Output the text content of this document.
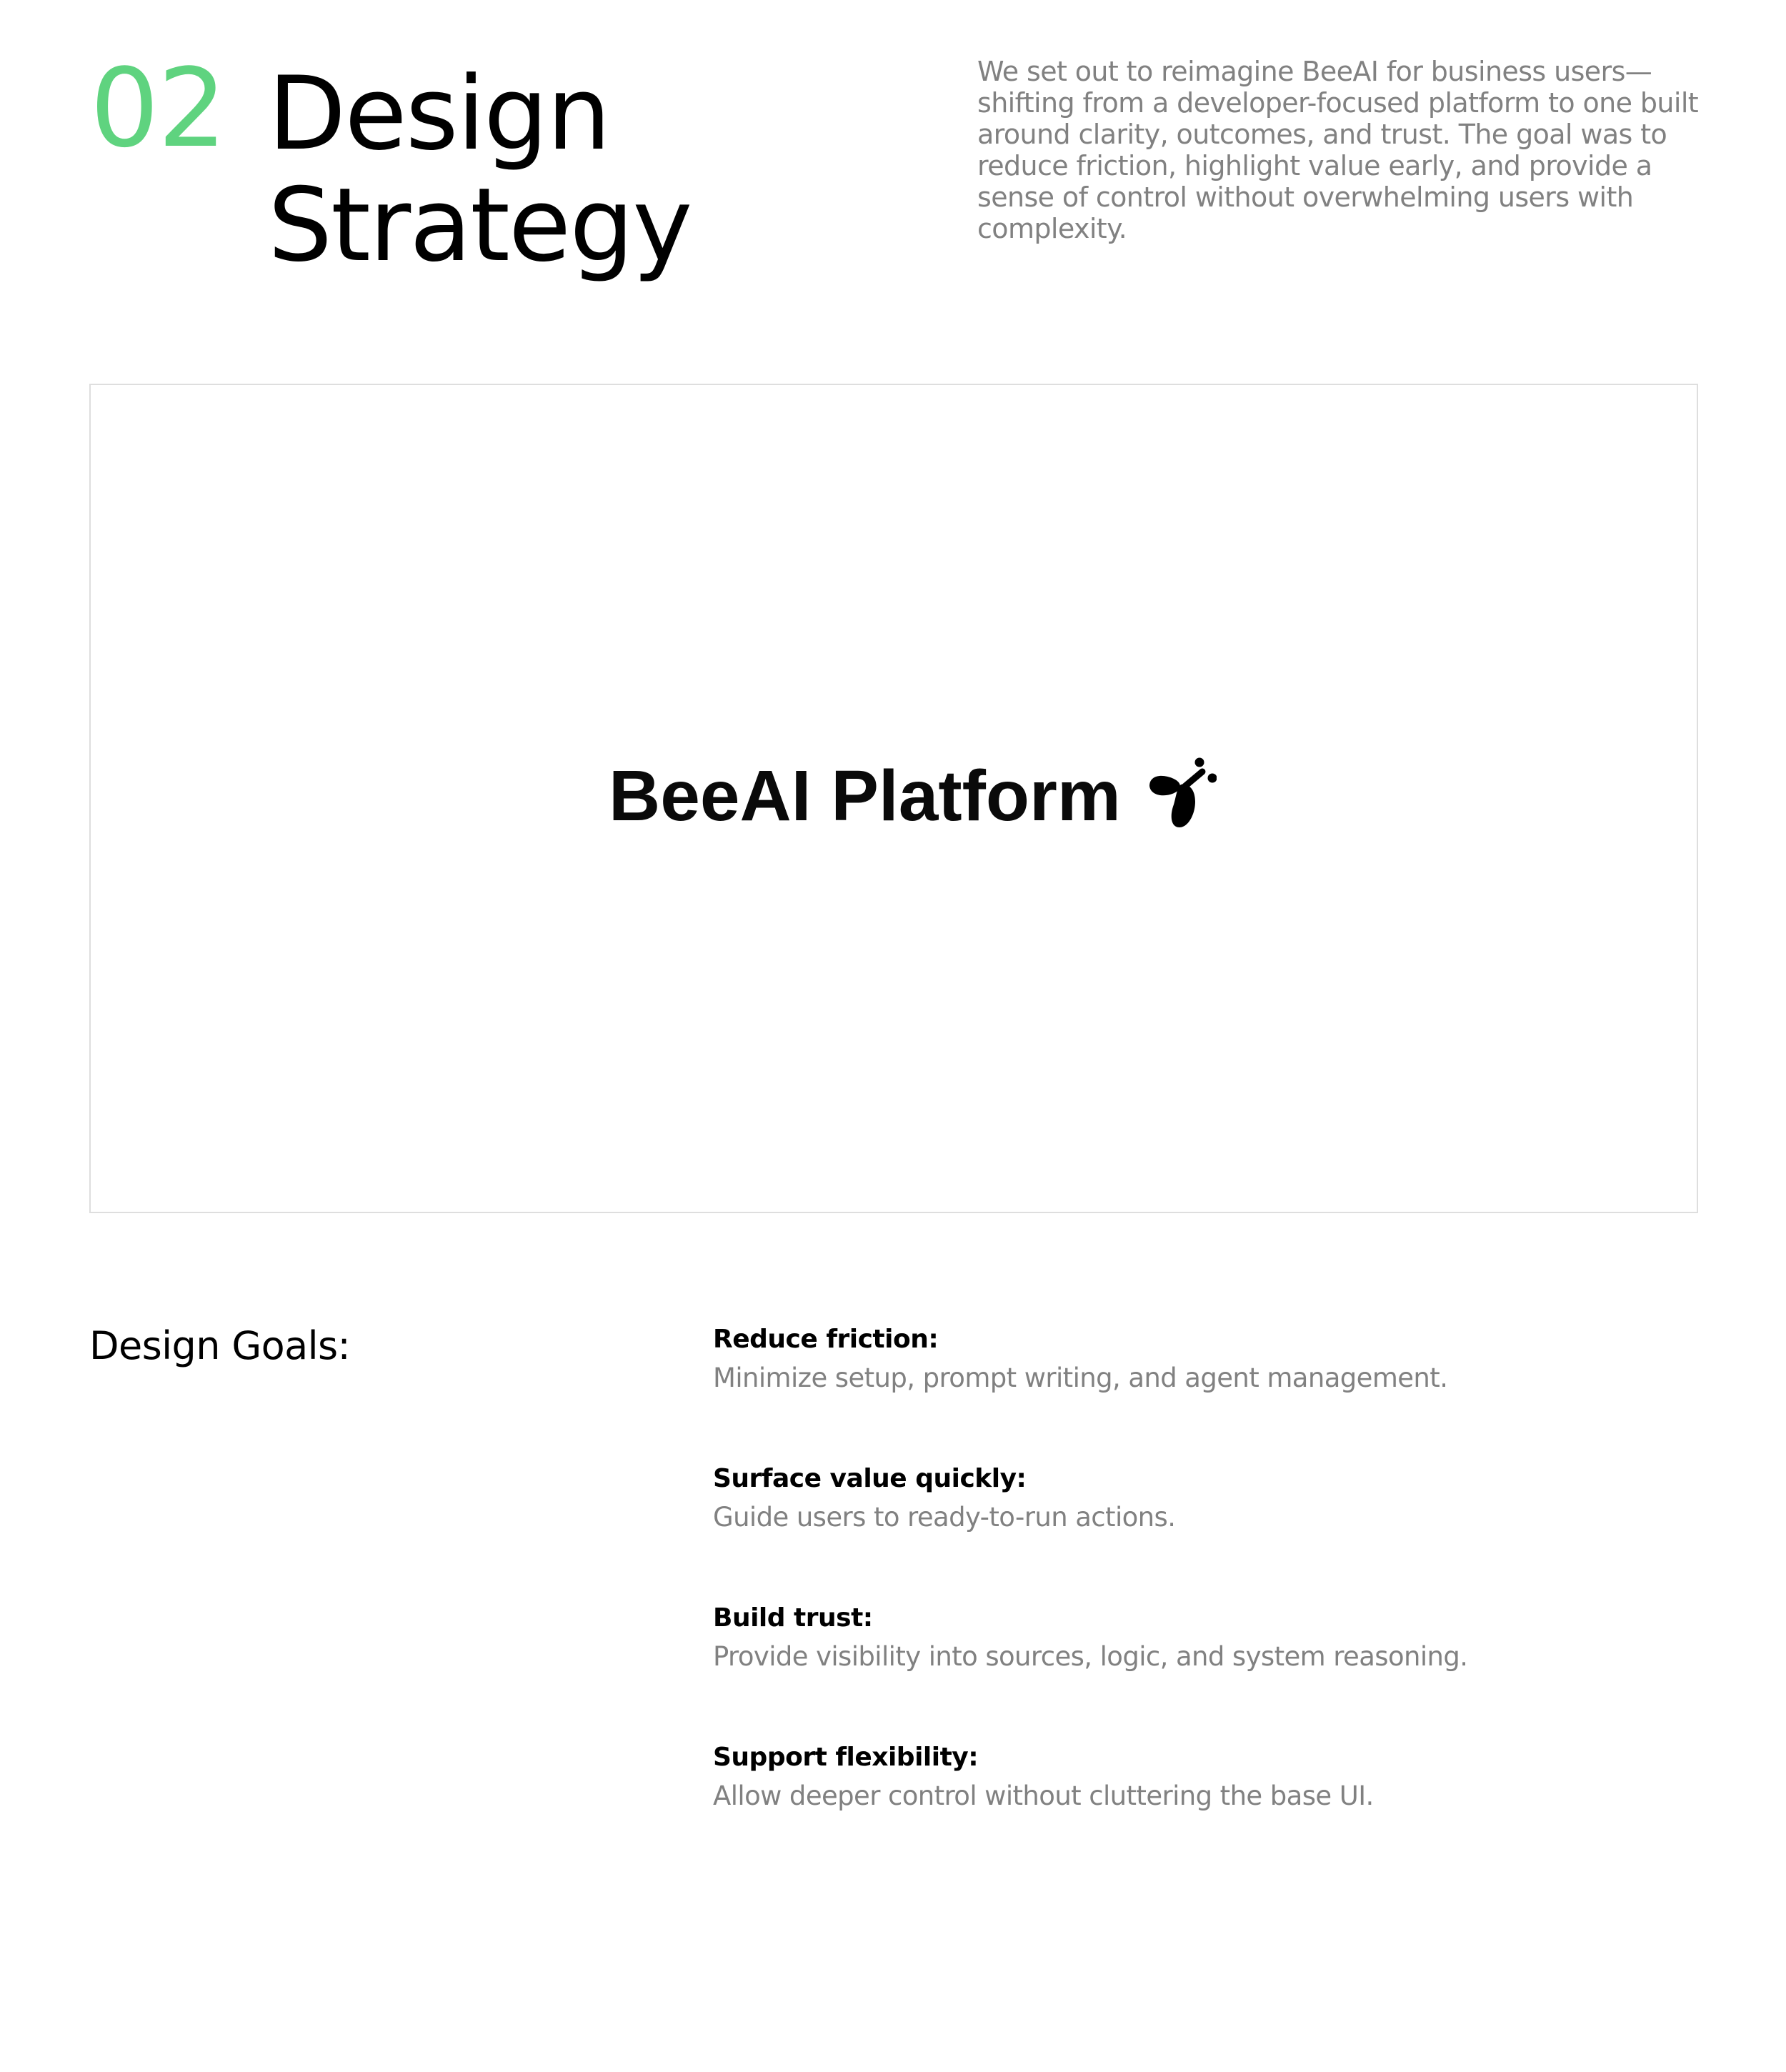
02 Design
Strategy

We set out to reimagine BeeAI for business users—shifting from a developer-focused platform to one built around clarity, outcomes, and trust. The goal was to reduce friction, highlight value early, and provide a sense of control without overwhelming users with complexity.

BeeAI Platform
Design Goals:	Reduce friction:
Minimize setup, prompt writing, and agent management.
Surface value quickly:
Guide users to ready-to-run actions.
Build trust:
Provide visibility into sources, logic, and system reasoning.
Support flexibility:
Allow deeper control without cluttering the base UI.
